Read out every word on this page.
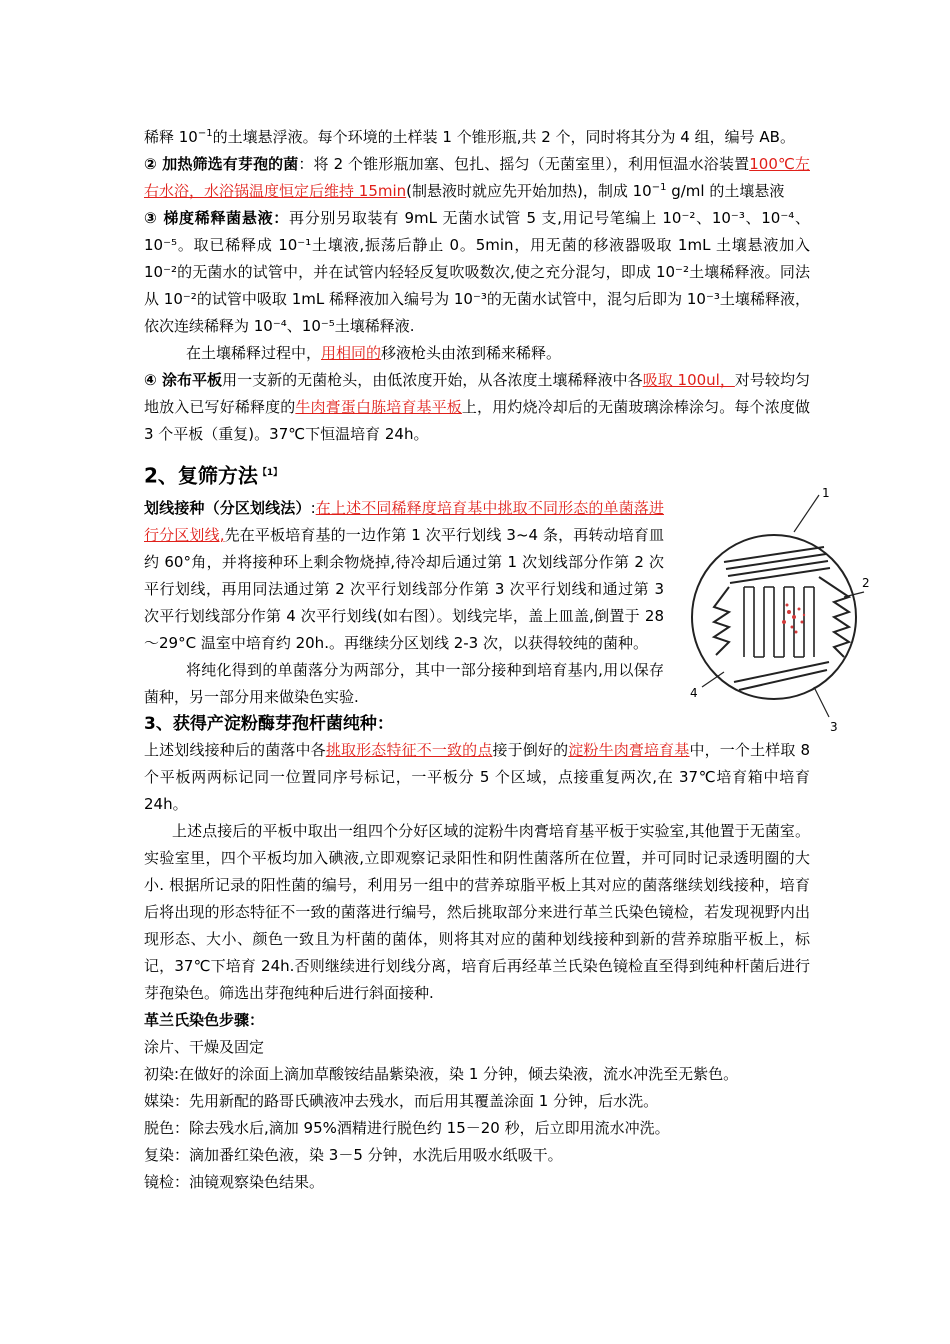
稀释 $10^{-1}$的土壤悬浮液。每个环境的土样装 1 个锥形瓶,共 2 个，同时将其分为 4 组，编号 AB。

② 加热筛选有芽孢的菌：将 2 个锥形瓶加塞、包扎、摇匀（无菌室里），利用恒温水浴装置100℃左右水浴，水浴锅温度恒定后维持 15min(制悬液时就应先开始加热)，制成 $10^{-1}$ g/ml 的土壤悬液

③ 梯度稀释菌悬液：再分别另取装有 9mL 无菌水试管 5 支,用记号笔编上 10⁻²、10⁻³、10⁻⁴、10⁻⁵。取已稀释成 10⁻¹土壤液,振荡后静止 0。5min，用无菌的移液器吸取 1mL 土壤悬液加入 10⁻²的无菌水的试管中，并在试管内轻轻反复吹吸数次,使之充分混匀，即成 10⁻²土壤稀释液。同法从 10⁻²的试管中吸取 1mL 稀释液加入编号为 10⁻³的无菌水试管中，混匀后即为 10⁻³土壤稀释液，依次连续稀释为 10⁻⁴、10⁻⁵土壤稀释液.

在土壤稀释过程中，用相同的移液枪头由浓到稀来稀释。

④ 涂布平板用一支新的无菌枪头，由低浓度开始，从各浓度土壤稀释液中各吸取 100ul，对号较均匀地放入已写好稀释度的牛肉膏蛋白胨培育基平板上，用灼烧冷却后的无菌玻璃涂棒涂匀。每个浓度做 3 个平板（重复)。37℃下恒温培育 24h。

2、复筛方法$^{【1】}$

划线接种（分区划线法）:在上述不同稀释度培育基中挑取不同形态的单菌落进行分区划线,先在平板培育基的一边作第 1 次平行划线 3~4 条，再转动培育皿约 60°角，并将接种环上剩余物烧掉,待冷却后通过第 1 次划线部分作第 2 次平行划线，再用同法通过第 2 次平行划线部分作第 3 次平行划线和通过第 3 次平行划线部分作第 4 次平行划线(如右图）。划线完毕，盖上皿盖,倒置于 28～29°C 温室中培育约 20h.。再继续分区划线 2-3 次，以获得较纯的菌种。

将纯化得到的单菌落分为两部分，其中一部分接种到培育基内,用以保存菌种，另一部分用来做染色实验.

1
2
3
4
3、获得产淀粉酶芽孢杆菌纯种：

上述划线接种后的菌落中各挑取形态特征不一致的点接于倒好的淀粉牛肉膏培育基中，一个土样取 8 个平板两两标记同一位置同序号标记，一平板分 5 个区域，点接重复两次,在 37℃培育箱中培育 24h。

上述点接后的平板中取出一组四个分好区域的淀粉牛肉膏培育基平板于实验室,其他置于无菌室。实验室里，四个平板均加入碘液,立即观察记录阳性和阴性菌落所在位置，并可同时记录透明圈的大小. 根据所记录的阳性菌的编号，利用另一组中的营养琼脂平板上其对应的菌落继续划线接种，培育后将出现的形态特征不一致的菌落进行编号，然后挑取部分来进行革兰氏染色镜检，若发现视野内出现形态、大小、颜色一致且为杆菌的菌体，则将其对应的菌种划线接种到新的营养琼脂平板上，标记，37℃下培育 24h.否则继续进行划线分离，培育后再经革兰氏染色镜检直至得到纯种杆菌后进行芽孢染色。筛选出芽孢纯种后进行斜面接种.

革兰氏染色步骤：

涂片、干燥及固定

初染:在做好的涂面上滴加草酸铵结晶紫染液，染 1 分钟，倾去染液，流水冲洗至无紫色。

媒染：先用新配的路哥氏碘液冲去残水，而后用其覆盖涂面 1 分钟，后水洗。

脱色：除去残水后,滴加 95%酒精进行脱色约 15－20 秒，后立即用流水冲洗。

复染：滴加番红染色液，染 3－5 分钟，水洗后用吸水纸吸干。

镜检：油镜观察染色结果。
